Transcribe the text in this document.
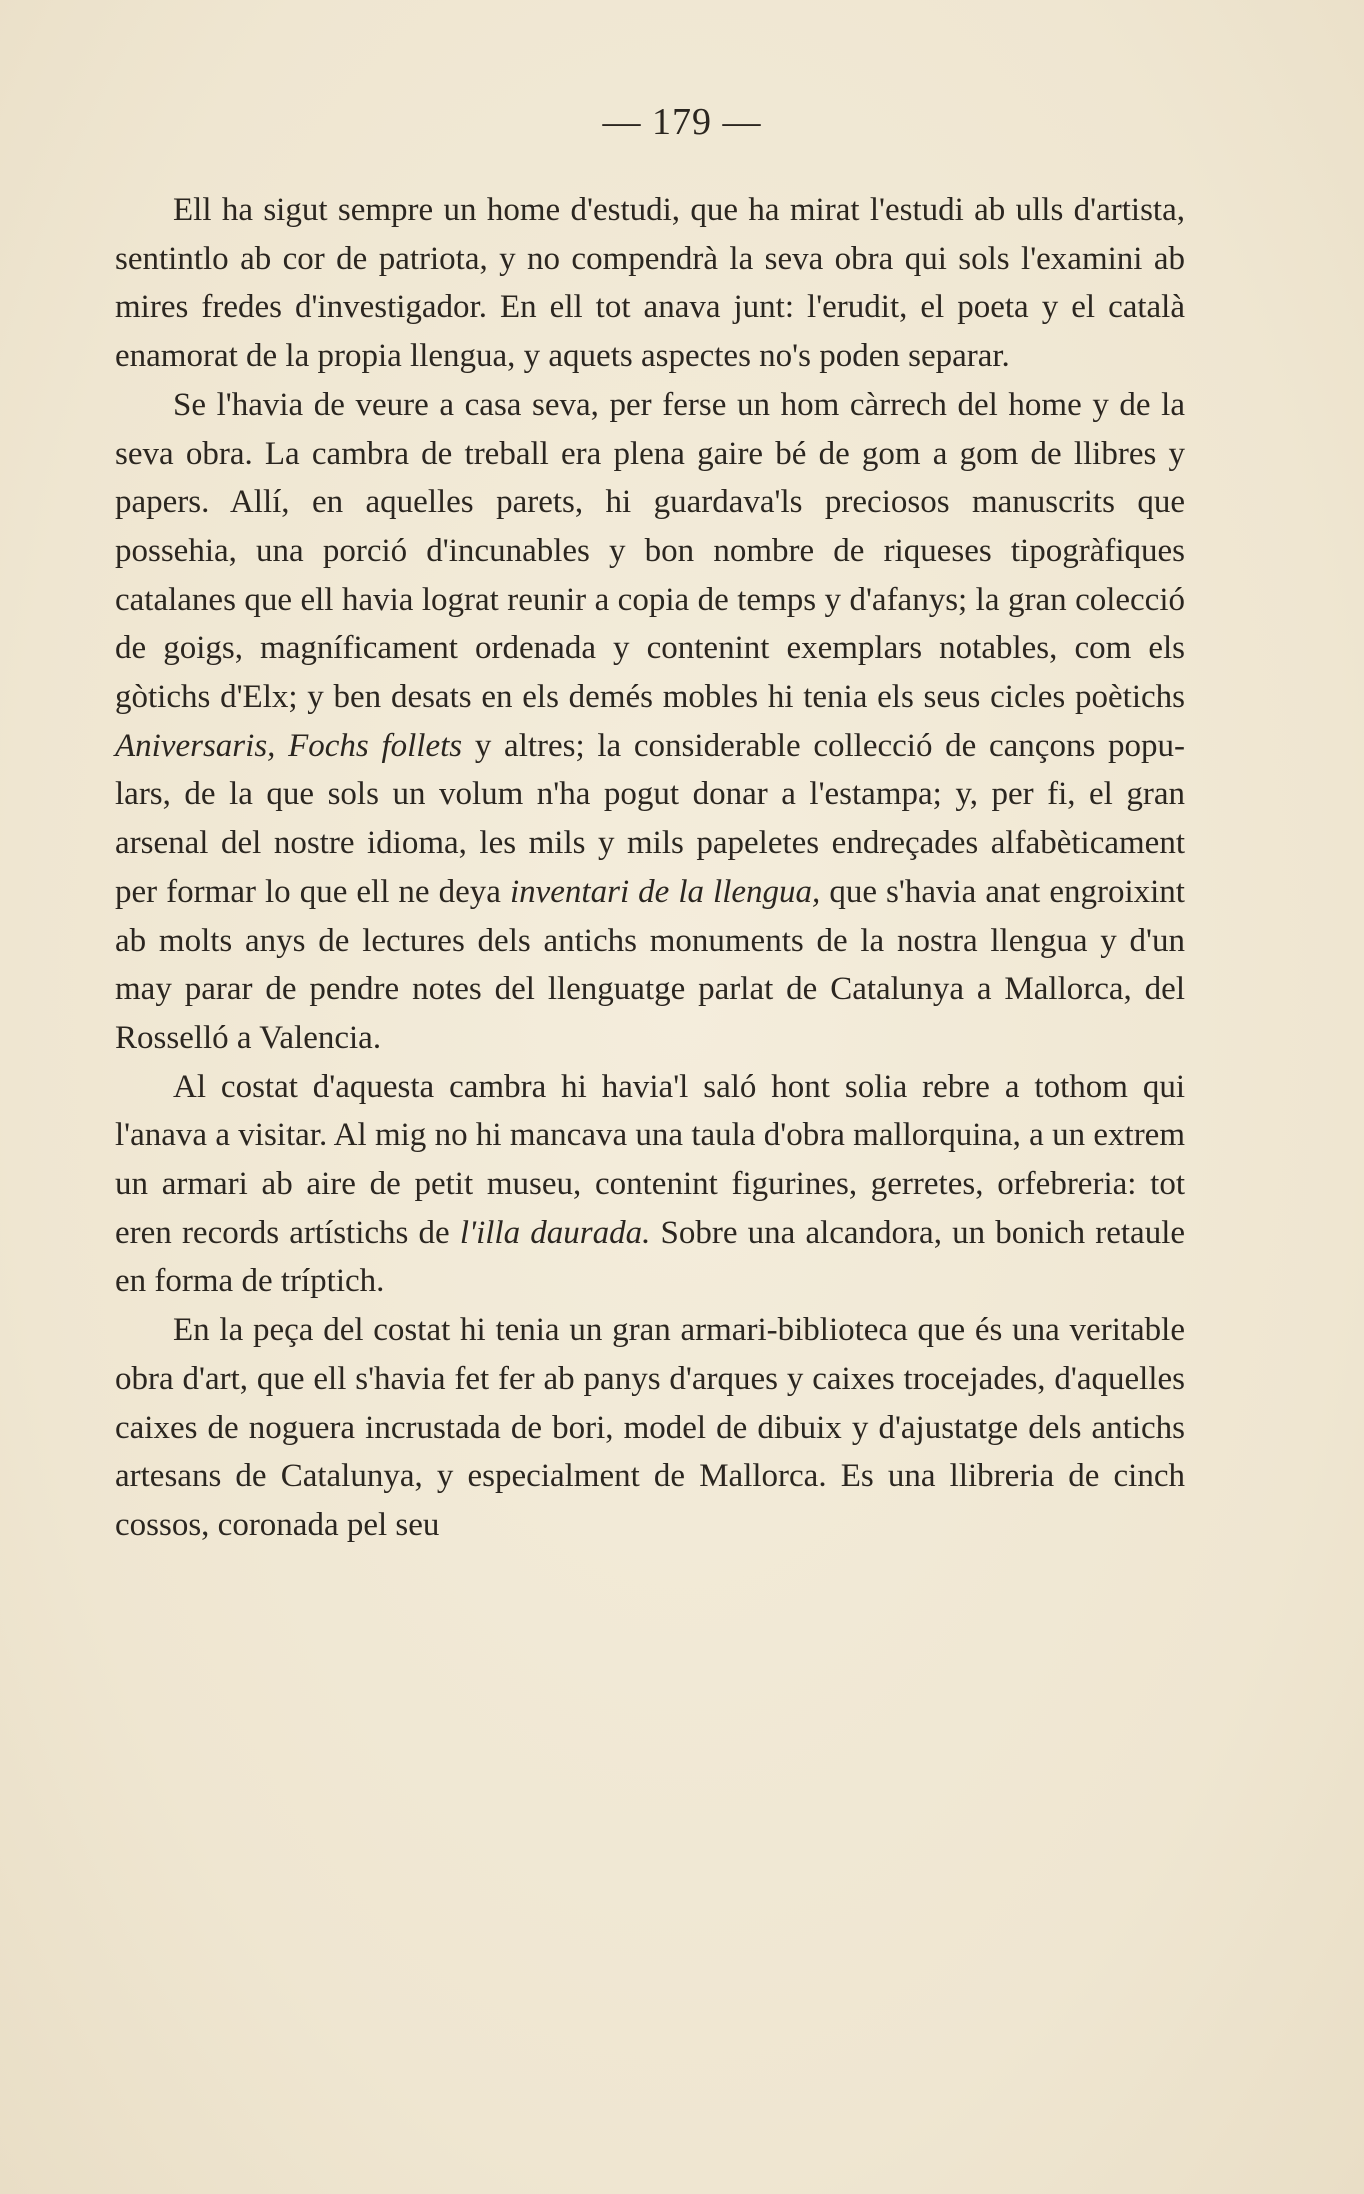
— 179 —

Ell ha sigut sempre un home d'estudi, que ha mirat l'estudi ab ulls d'artista, sentintlo ab cor de patriota, y no compendrà la seva obra qui sols l'examini ab mires fredes d'investigador. En ell tot anava junt: l'erudit, el poeta y el català enamorat de la propia llengua, y aquets aspectes no's poden separar.

Se l'havia de veure a casa seva, per ferse un hom càrrech del home y de la seva obra. La cambra de treball era plena gaire bé de gom a gom de llibres y papers. Allí, en aquelles parets, hi guardava'ls preciosos manuscrits que possehia, una porció d'incunables y bon nombre de riqueses tipogràfiques catalanes que ell havia lograt reunir a copia de temps y d'afanys; la gran colecció de goigs, magníficament ordenada y contenint exemplars notables, com els gòtichs d'Elx; y ben desats en els demés mobles hi tenia els seus cicles poètichs Aniversaris, Fochs follets y altres; la considerable collecció de cançons populars, de la que sols un volum n'ha pogut donar a l'estampa; y, per fi, el gran arsenal del nostre idioma, les mils y mils papeletes endreçades alfabèticament per formar lo que ell ne deya inventari de la llengua, que s'havia anat engroixint ab molts anys de lectures dels antichs monuments de la nostra llengua y d'un may parar de pendre notes del llenguatge parlat de Catalunya a Mallorca, del Rosselló a Valencia.

Al costat d'aquesta cambra hi havia'l saló hont solia rebre a tothom qui l'anava a visitar. Al mig no hi mancava una taula d'obra mallorquina, a un extrem un armari ab aire de petit museu, contenint figurines, gerretes, orfebreria: tot eren records artístichs de l'illa daurada. Sobre una alcandora, un bonich retaule en forma de tríptich.

En la peça del costat hi tenia un gran armari-biblioteca que és una veritable obra d'art, que ell s'havia fet fer ab panys d'arques y caixes trocejades, d'aquelles caixes de noguera incrustada de bori, model de dibuix y d'ajustatge dels antichs artesans de Catalunya, y especialment de Mallorca. Es una llibreria de cinch cossos, coronada pel seu
